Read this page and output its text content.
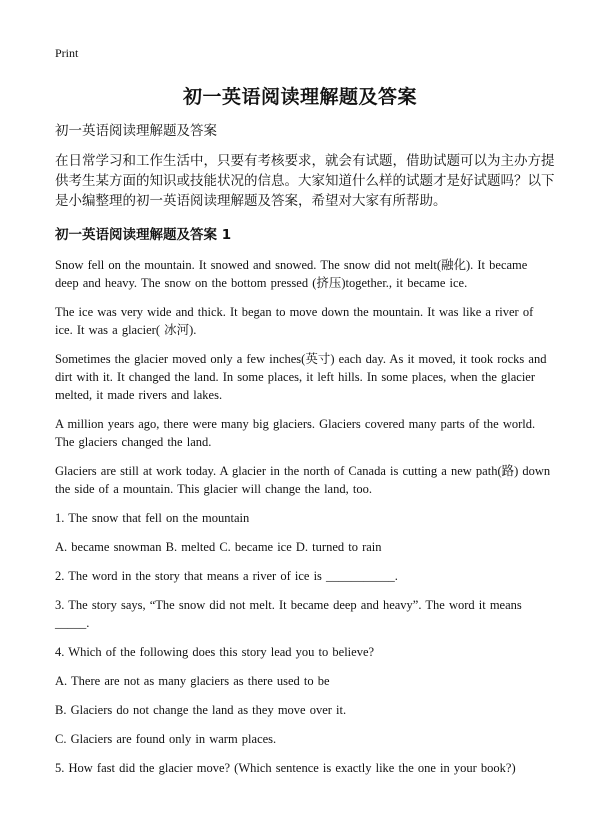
Print
初一英语阅读理解题及答案
初一英语阅读理解题及答案
在日常学习和工作生活中，只要有考核要求，就会有试题，借助试题可以为主办方提供考生某方面的知识或技能状况的信息。大家知道什么样的试题才是好试题吗？以下是小编整理的初一英语阅读理解题及答案，希望对大家有所帮助。
初一英语阅读理解题及答案 1

Snow fell on the mountain. It snowed and snowed. The snow did not melt(融化). It became deep and heavy. The snow on the bottom pressed (挤压)together., it became ice.

The ice was very wide and thick. It began to move down the mountain. It was like a river of ice. It was a glacier( 冰河).

Sometimes the glacier moved only a few inches(英寸) each day. As it moved, it took rocks and dirt with it. It changed the land. In some places, it left hills. In some places, when the glacier melted, it made rivers and lakes.

A million years ago, there were many big glaciers. Glaciers covered many parts of the world. The glaciers changed the land.

Glaciers are still at work today. A glacier in the north of Canada is cutting a new path(路) down the side of a mountain. This glacier will change the land, too.

1. The snow that fell on the mountain

A. became snowman B. melted C. became ice D. turned to rain

2. The word in the story that means a river of ice is ___________.

3. The story says, “The snow did not melt. It became deep and heavy”. The word it means _____.

4. Which of the following does this story lead you to believe?

A. There are not as many glaciers as there used to be

B. Glaciers do not change the land as they move over it.

C. Glaciers are found only in warm places.

5. How fast did the glacier move? (Which sentence is exactly like the one in your book?)
